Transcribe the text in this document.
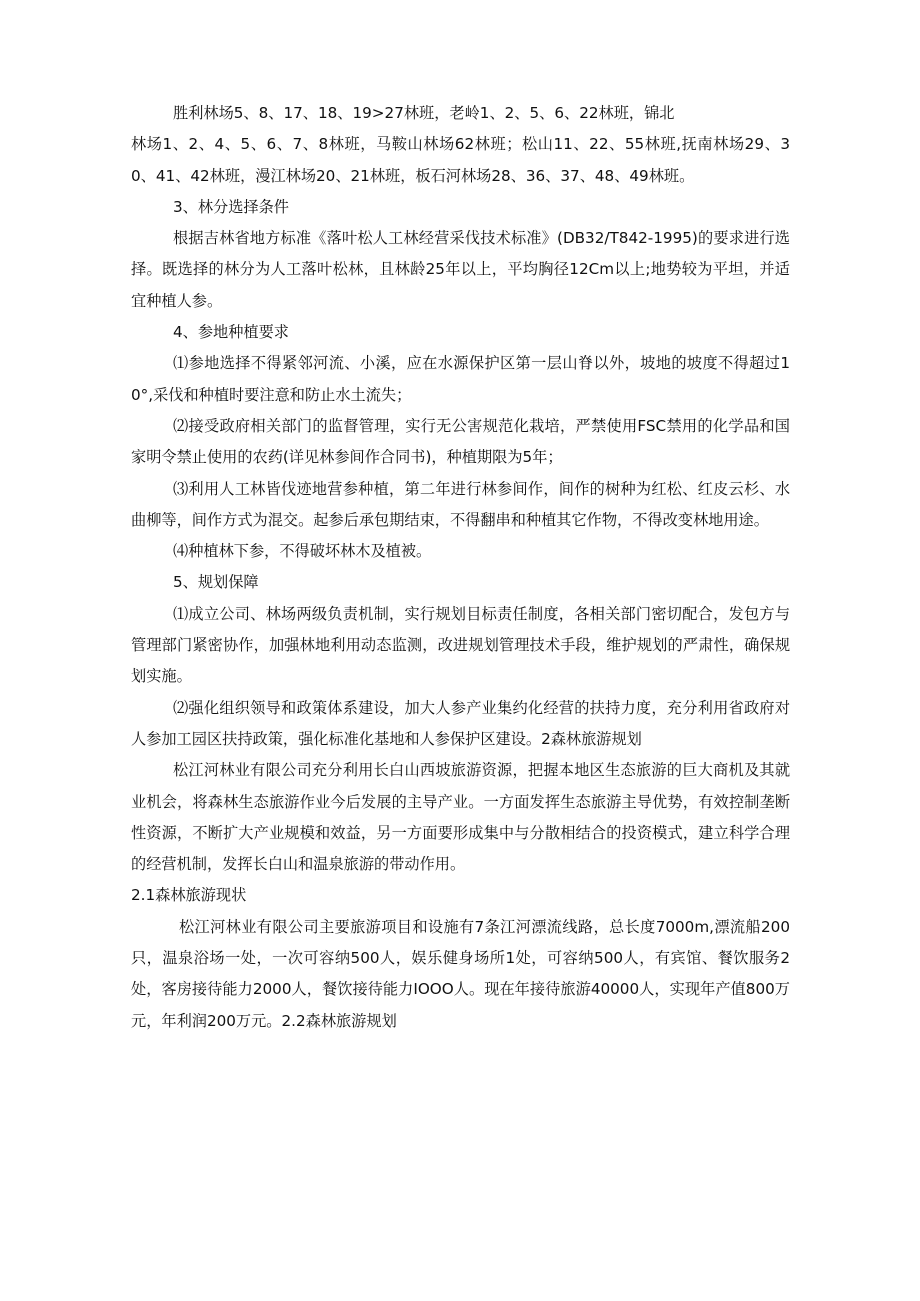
胜利林场5、8、17、18、19>27林班，老岭1、2、5、6、22林班，锦北

林场1、2、4、5、6、7、8林班，马鞍山林场62林班；松山11、22、55林班,抚南林场29、30、41、42林班，漫江林场20、21林班，板石河林场28、36、37、48、49林班。

3、林分选择条件

根据吉林省地方标准《落叶松人工林经营采伐技术标准》(DB32/T842-1995)的要求进行选择。既选择的林分为人工落叶松林，且林龄25年以上，平均胸径12Cm以上;地势较为平坦，并适宜种植人参。

4、参地种植要求

⑴参地选择不得紧邻河流、小溪，应在水源保护区第一层山脊以外，坡地的坡度不得超过10°,采伐和种植时要注意和防止水土流失；

⑵接受政府相关部门的监督管理，实行无公害规范化栽培，严禁使用FSC禁用的化学品和国家明令禁止使用的农药(详见林参间作合同书)，种植期限为5年；

⑶利用人工林皆伐迹地营参种植，第二年进行林参间作，间作的树种为红松、红皮云杉、水曲柳等，间作方式为混交。起参后承包期结束，不得翻串和种植其它作物，不得改变林地用途。

⑷种植林下参，不得破坏林木及植被。

5、规划保障

⑴成立公司、林场两级负责机制，实行规划目标责任制度，各相关部门密切配合，发包方与管理部门紧密协作，加强林地利用动态监测，改进规划管理技术手段，维护规划的严肃性，确保规划实施。

⑵强化组织领导和政策体系建设，加大人参产业集约化经营的扶持力度，充分利用省政府对人参加工园区扶持政策，强化标准化基地和人参保护区建设。2森林旅游规划

松江河林业有限公司充分利用长白山西坡旅游资源，把握本地区生态旅游的巨大商机及其就业机会，将森林生态旅游作业今后发展的主导产业。一方面发挥生态旅游主导优势，有效控制垄断性资源，不断扩大产业规模和效益，另一方面要形成集中与分散相结合的投资模式，建立科学合理的经营机制，发挥长白山和温泉旅游的带动作用。

2.1森林旅游现状

松江河林业有限公司主要旅游项目和设施有7条江河漂流线路，总长度7000m,漂流船200只，温泉浴场一处，一次可容纳500人，娱乐健身场所1处，可容纳500人，有宾馆、餐饮服务2处，客房接待能力2000人，餐饮接待能力IOOO人。现在年接待旅游40000人，实现年产值800万元，年利润200万元。2.2森林旅游规划
